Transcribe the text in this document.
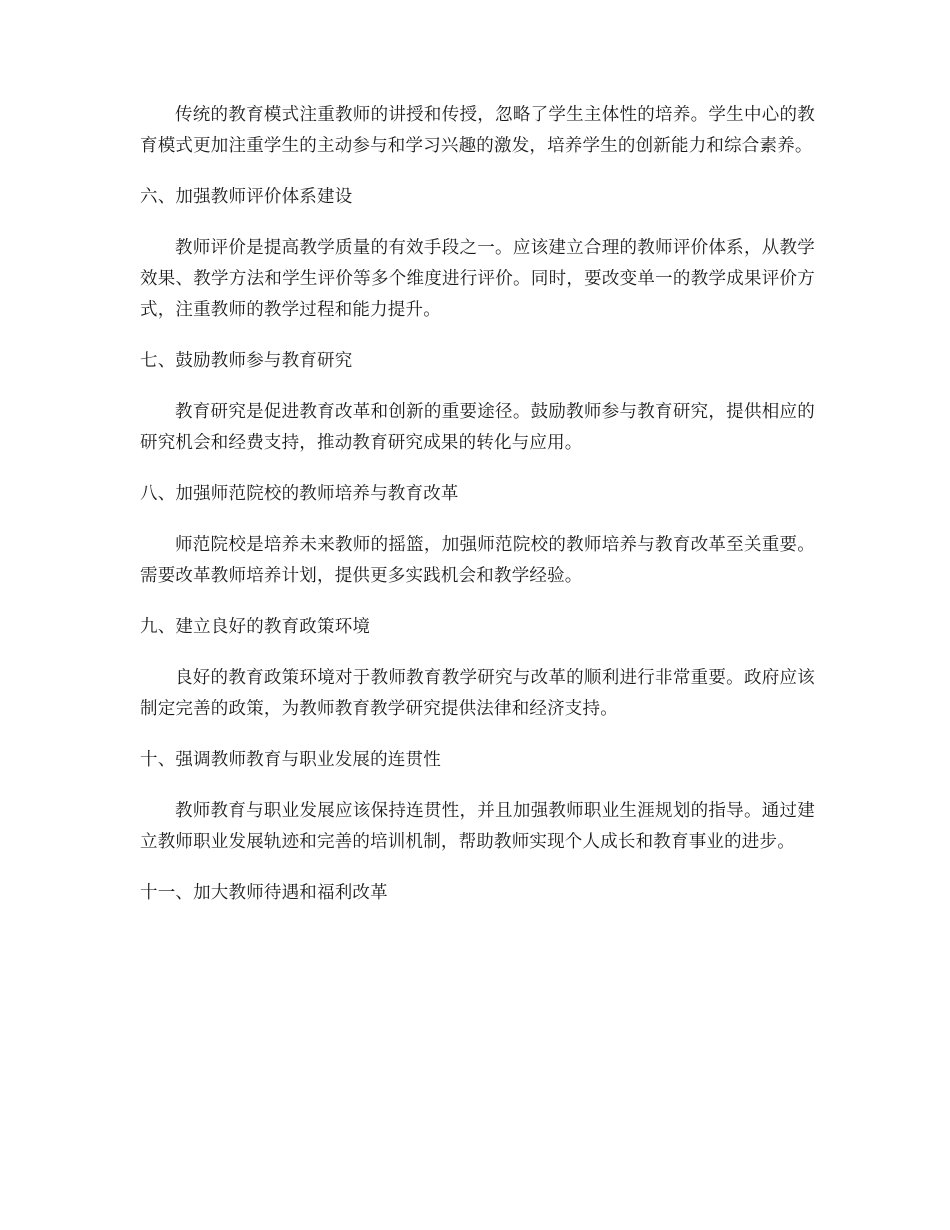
传统的教育模式注重教师的讲授和传授，忽略了学生主体性的培养。学生中心的教育模式更加注重学生的主动参与和学习兴趣的激发，培养学生的创新能力和综合素养。

六、加强教师评价体系建设

教师评价是提高教学质量的有效手段之一。应该建立合理的教师评价体系，从教学效果、教学方法和学生评价等多个维度进行评价。同时，要改变单一的教学成果评价方式，注重教师的教学过程和能力提升。

七、鼓励教师参与教育研究

教育研究是促进教育改革和创新的重要途径。鼓励教师参与教育研究，提供相应的研究机会和经费支持，推动教育研究成果的转化与应用。

八、加强师范院校的教师培养与教育改革

师范院校是培养未来教师的摇篮，加强师范院校的教师培养与教育改革至关重要。需要改革教师培养计划，提供更多实践机会和教学经验。

九、建立良好的教育政策环境

良好的教育政策环境对于教师教育教学研究与改革的顺利进行非常重要。政府应该制定完善的政策，为教师教育教学研究提供法律和经济支持。

十、强调教师教育与职业发展的连贯性

教师教育与职业发展应该保持连贯性，并且加强教师职业生涯规划的指导。通过建立教师职业发展轨迹和完善的培训机制，帮助教师实现个人成长和教育事业的进步。

十一、加大教师待遇和福利改革
